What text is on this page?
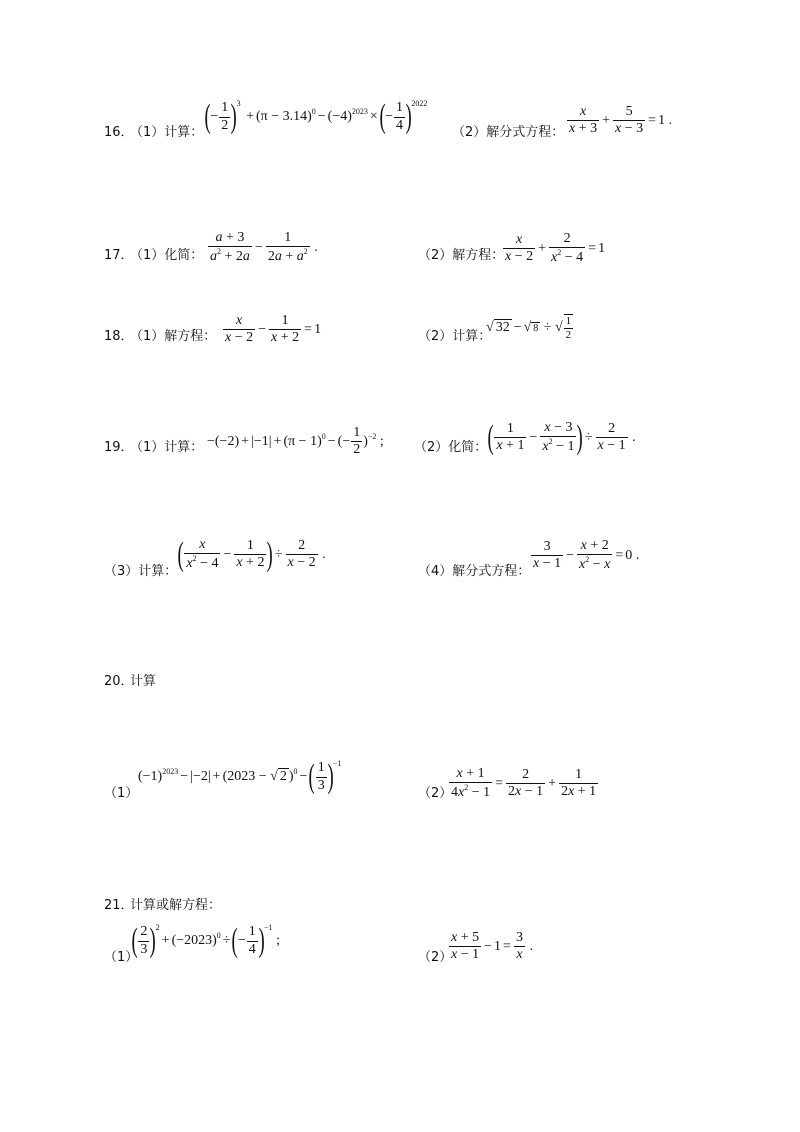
16．
（1）计算： (− $\frac{1}{2} )^3 + (\pi - 3.14)^0 - (-4)^{2023}$ ×(− $\frac{1}{4} )^{2022}$
（2）解分式方程： $\frac{x}{x + 3} + \frac{5}{x - 3} = 1$ .
17．
（1）化简： $\frac{a + 3}{a^2 + 2a} - \frac{1}{2a + a^2}$ .
（2）解方程：
$\frac{x}{x - 2} + \frac{2}{x^2 - 4} = 1$
18．
（1）解方程： $\frac{x}{x - 2} - \frac{1}{x + 2} = 1$	（2）计算：
√ 32 − √ 8 ÷ √ $\frac{1}{2}$
19．
（1）计算： $-(-2) + |-1| + (\pi - 1)^0$ − (− $\frac{1}{2} )^{-2}$ ; （2）化简： ( $\frac{1}{x + 1} - \frac{x - 3}{x^2 - 1}$ ) ÷ $\frac{2}{x - 1}$ .
（3）计算： ( $\frac{x}{x^2 - 4} - \frac{1}{x + 2}$ ) ÷ $\frac{2}{x - 2}$ .
（4）解分式方程： $\frac{3}{x - 1} - \frac{x + 2}{x^2 - x} = 0$ .
20．
计算
（1）
$(-1)^{2023} - |-2| + (2023$ − √ 2 )$^0$ −( $\frac{1}{3} )^{-1}$
（2）
$\frac{x + 1}{4x^2 - 1} = \frac{2}{2x - 1} + \frac{1}{2x + 1}$
21．
计算或解方程：
（1）
( $\frac{2}{3} )^2+ (-2023)^0$ ÷(− $\frac{1}{4} )^{-1}$ ;
（2）
$\frac{x + 5}{x - 1} - 1 = \frac{3}{x}$ .
